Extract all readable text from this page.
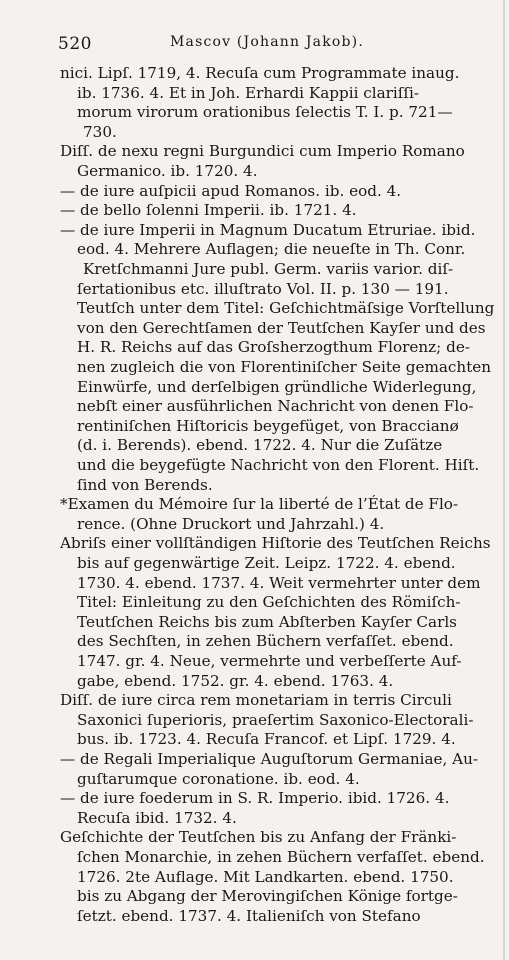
520	Mascov (Johann Jakob).
nici. Lipſ. 1719, 4. Recuſa cum Programmate inaug.
ib. 1736. 4. Et in Joh. Erhardi Kappii clariſſi-
morum virorum orationibus ſelectis T. I. p. 721—
730.
Diſſ. de nexu regni Burgundici cum Imperio Romano
Germanico. ib. 1720. 4.
— de iure auſpicii apud Romanos. ib. eod. 4.
— de bello ſolenni Imperii. ib. 1721. 4.
— de iure Imperii in Magnum Ducatum Etruriae. ibid.
eod. 4. Mehrere Auflagen; die neueſte in Th. Conr.
Kretſchmanni Jure publ. Germ. variis varior. diſ-
ſertationibus etc. illuſtrato Vol. II. p. 130 — 191.
Teutſch unter dem Titel: Geſchichtmäſsige Vorſtellung
von den Gerechtſamen der Teutſchen Kayſer und des
H. R. Reichs auf das Groſsherzogthum Florenz; de-
nen zugleich die von Florentiniſcher Seite gemachten
Einwürfe, und derſelbigen gründliche Widerlegung,
nebſt einer ausführlichen Nachricht von denen Flo-
rentiniſchen Hiſtoricis beygefüget, von Braccianø
(d. i. Berends). ebend. 1722. 4. Nur die Zuſätze
und die beygefügte Nachricht von den Florent. Hiſt.
ſind von Berends.
*Examen du Mémoire ſur la liberté de l’État de Flo-
rence. (Ohne Druckort und Jahrzahl.) 4.
Abriſs einer vollſtändigen Hiſtorie des Teutſchen Reichs
bis auf gegenwärtige Zeit. Leipz. 1722. 4. ebend.
1730. 4. ebend. 1737. 4. Weit vermehrter unter dem
Titel: Einleitung zu den Geſchichten des Römiſch-
Teutſchen Reichs bis zum Abſterben Kayſer Carls
des Sechſten, in zehen Büchern verfaſſet. ebend.
1747. gr. 4. Neue, vermehrte und verbeſſerte Auf-
gabe, ebend. 1752. gr. 4. ebend. 1763. 4.
Diſſ. de iure circa rem monetariam in terris Circuli
Saxonici ſuperioris, praeſertim Saxonico-Electorali-
bus. ib. 1723. 4. Recuſa Francof. et Lipſ. 1729. 4.
— de Regali Imperialique Auguſtorum Germaniae, Au-
guſtarumque coronatione. ib. eod. 4.
— de iure foederum in S. R. Imperio. ibid. 1726. 4.
Recuſa ibid. 1732. 4.
Geſchichte der Teutſchen bis zu Anfang der Fränki-
ſchen Monarchie, in zehen Büchern verfaſſet. ebend.
1726. 2te Auflage. Mit Landkarten. ebend. 1750.
bis zu Abgang der Merovingiſchen Könige fortge-
ſetzt. ebend. 1737. 4. Italieniſch von Stefano
